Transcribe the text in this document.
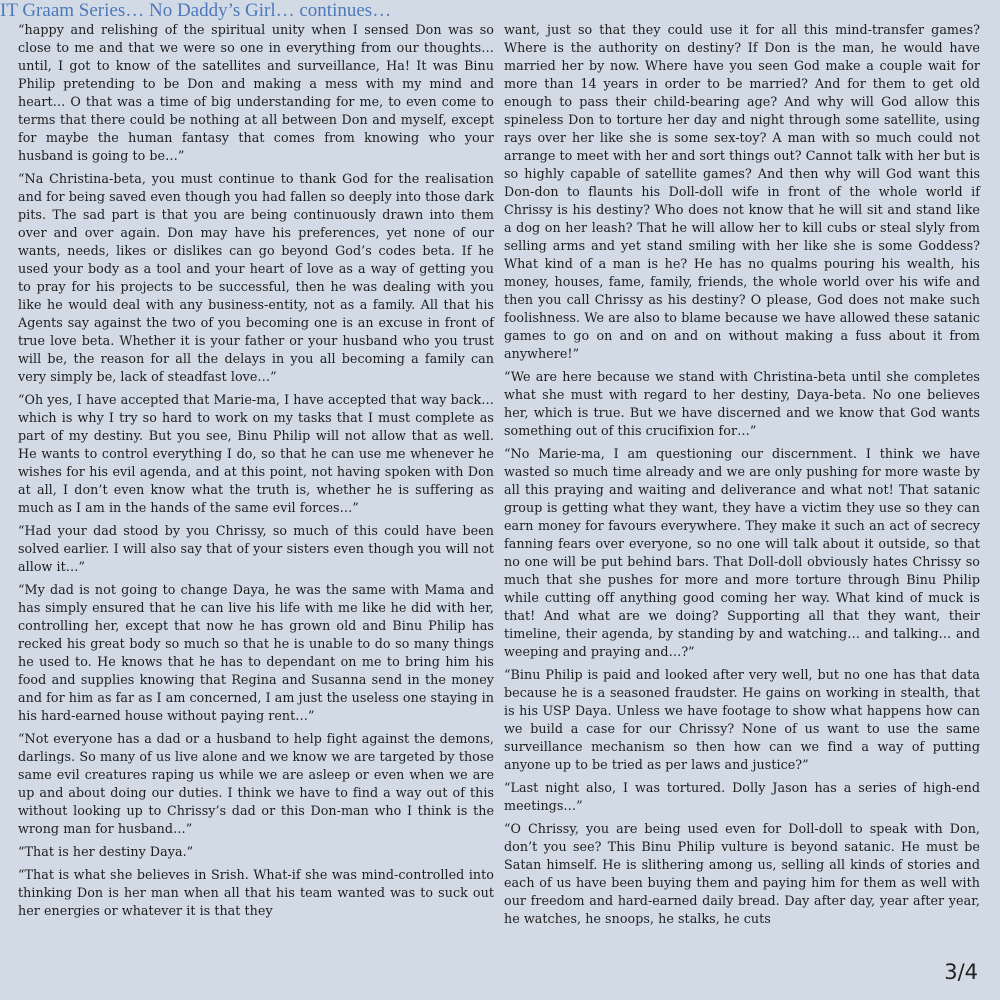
IT Graam Series… No Daddy’s Girl… continues…

“happy and relishing of the spiritual unity when I sensed Don was so close to me and that we were so one in everything from our thoughts… until, I got to know of the satellites and surveillance, Ha! It was Binu Philip pretending to be Don and making a mess with my mind and heart… O that was a time of big understanding for me, to even come to terms that there could be nothing at all between Don and myself, except for maybe the human fantasy that comes from knowing who your husband is going to be…”

“Na Christina-beta, you must continue to thank God for the realisation and for being saved even though you had fallen so deeply into those dark pits. The sad part is that you are being continuously drawn into them over and over again. Don may have his preferences, yet none of our wants, needs, likes or dislikes can go beyond God’s codes beta. If he used your body as a tool and your heart of love as a way of getting you to pray for his projects to be successful, then he was dealing with you like he would deal with any business-entity, not as a family. All that his Agents say against the two of you becoming one is an excuse in front of true love beta. Whether it is your father or your husband who you trust will be, the reason for all the delays in you all becoming a family can very simply be, lack of steadfast love…”

“Oh yes, I have accepted that Marie-ma, I have accepted that way back… which is why I try so hard to work on my tasks that I must complete as part of my destiny. But you see, Binu Philip will not allow that as well. He wants to control everything I do, so that he can use me whenever he wishes for his evil agenda, and at this point, not having spoken with Don at all, I don’t even know what the truth is, whether he is suffering as much as I am in the hands of the same evil forces…”

“Had your dad stood by you Chrissy, so much of this could have been solved earlier. I will also say that of your sisters even though you will not allow it…”

“My dad is not going to change Daya, he was the same with Mama and has simply ensured that he can live his life with me like he did with her, controlling her, except that now he has grown old and Binu Philip has recked his great body so much so that he is unable to do so many things he used to. He knows that he has to dependant on me to bring him his food and supplies knowing that Regina and Susanna send in the money and for him as far as I am concerned, I am just the useless one staying in his hard-earned house without paying rent…”

“Not everyone has a dad or a husband to help fight against the demons, darlings. So many of us live alone and we know we are targeted by those same evil creatures raping us while we are asleep or even when we are up and about doing our duties. I think we have to find a way out of this without looking up to Chrissy’s dad or this Don-man who I think is the wrong man for husband…”

“That is her destiny Daya.”

“That is what she believes in Srish. What-if she was mind-controlled into thinking Don is her man when all that his team wanted was to suck out her energies or whatever it is that they

want, just so that they could use it for all this mind-transfer games? Where is the authority on destiny? If Don is the man, he would have married her by now. Where have you seen God make a couple wait for more than 14 years in order to be married? And for them to get old enough to pass their child-bearing age? And why will God allow this spineless Don to torture her day and night through some satellite, using rays over her like she is some sex-toy? A man with so much could not arrange to meet with her and sort things out? Cannot talk with her but is so highly capable of satellite games? And then why will God want this Don-don to flaunts his Doll-doll wife in front of the whole world if Chrissy is his destiny? Who does not know that he will sit and stand like a dog on her leash? That he will allow her to kill cubs or steal slyly from selling arms and yet stand smiling with her like she is some Goddess? What kind of a man is he? He has no qualms pouring his wealth, his money, houses, fame, family, friends, the whole world over his wife and then you call Chrissy as his destiny? O please, God does not make such foolishness. We are also to blame because we have allowed these satanic games to go on and on and on without making a fuss about it from anywhere!”

“We are here because we stand with Christina-beta until she completes what she must with regard to her destiny, Daya-beta. No one believes her, which is true. But we have discerned and we know that God wants something out of this crucifixion for…”

“No Marie-ma, I am questioning our discernment. I think we have wasted so much time already and we are only pushing for more waste by all this praying and waiting and deliverance and what not! That satanic group is getting what they want, they have a victim they use so they can earn money for favours everywhere. They make it such an act of secrecy fanning fears over everyone, so no one will talk about it outside, so that no one will be put behind bars. That Doll-doll obviously hates Chrissy so much that she pushes for more and more torture through Binu Philip while cutting off anything good coming her way. What kind of muck is that! And what are we doing? Supporting all that they want, their timeline, their agenda, by standing by and watching… and talking… and weeping and praying and…?”

“Binu Philip is paid and looked after very well, but no one has that data because he is a seasoned fraudster. He gains on working in stealth, that is his USP Daya. Unless we have footage to show what happens how can we build a case for our Chrissy? None of us want to use the same surveillance mechanism so then how can we find a way of putting anyone up to be tried as per laws and justice?”

“Last night also, I was tortured. Dolly Jason has a series of high-end meetings…”

“O Chrissy, you are being used even for Doll-doll to speak with Don, don’t you see? This Binu Philip vulture is beyond satanic. He must be Satan himself. He is slithering among us, selling all kinds of stories and each of us have been buying them and paying him for them as well with our freedom and hard-earned daily bread. Day after day, year after year, he watches, he snoops, he stalks, he cuts

3/4
